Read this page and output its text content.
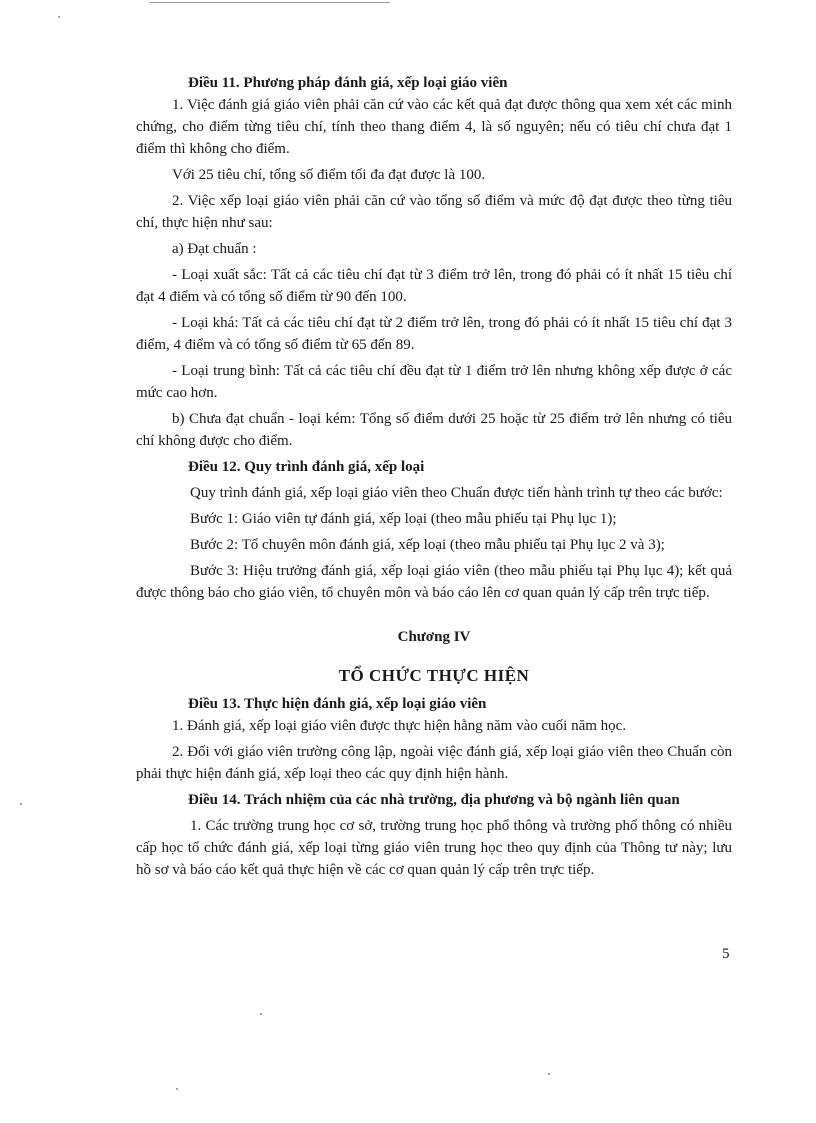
Điều 11. Phương pháp đánh giá, xếp loại giáo viên

1. Việc đánh giá giáo viên phải căn cứ vào các kết quả đạt được thông qua xem xét các minh chứng, cho điểm từng tiêu chí, tính theo thang điểm 4, là số nguyên; nếu có tiêu chí chưa đạt 1 điểm thì không cho điểm.

Với 25 tiêu chí, tổng số điểm tối đa đạt được là 100.

2. Việc xếp loại giáo viên phải căn cứ vào tổng số điểm và mức độ đạt được theo từng tiêu chí, thực hiện như sau:

a) Đạt chuẩn :

- Loại xuất sắc: Tất cả các tiêu chí đạt từ 3 điểm trở lên, trong đó phải có ít nhất 15 tiêu chí đạt 4 điểm và có tổng số điểm từ 90 đến 100.

- Loại khá: Tất cả các tiêu chí đạt từ 2 điểm trở lên, trong đó phải có ít nhất 15 tiêu chí đạt 3 điểm, 4 điểm và có tổng số điểm từ 65 đến 89.

- Loại trung bình: Tất cả các tiêu chí đều đạt từ 1 điểm trở lên nhưng không xếp được ở các mức cao hơn.

b) Chưa đạt chuẩn - loại kém: Tổng số điểm dưới 25 hoặc từ 25 điểm trở lên nhưng có tiêu chí không được cho điểm.

Điều 12. Quy trình đánh giá, xếp loại

Quy trình đánh giá, xếp loại giáo viên theo Chuẩn được tiến hành trình tự theo các bước:

Bước 1: Giáo viên tự đánh giá, xếp loại (theo mẫu phiếu tại Phụ lục 1);

Bước 2: Tổ chuyên môn đánh giá, xếp loại (theo mẫu phiếu tại Phụ lục 2 và 3);

Bước 3: Hiệu trưởng đánh giá, xếp loại giáo viên (theo mẫu phiếu tại Phụ lục 4); kết quả được thông báo cho giáo viên, tổ chuyên môn và báo cáo lên cơ quan quản lý cấp trên trực tiếp.

Chương IV

TỔ CHỨC THỰC HIỆN

Điều 13. Thực hiện đánh giá, xếp loại giáo viên

1. Đánh giá, xếp loại giáo viên được thực hiện hằng năm vào cuối năm học.

2. Đối với giáo viên trường công lập, ngoài việc đánh giá, xếp loại giáo viên theo Chuẩn còn phải thực hiện đánh giá, xếp loại theo các quy định hiện hành.

Điều 14. Trách nhiệm của các nhà trường, địa phương và bộ ngành liên quan

1. Các trường trung học cơ sở, trường trung học phổ thông và trường phổ thông có nhiều cấp học tổ chức đánh giá, xếp loại từng giáo viên trung học theo quy định của Thông tư này; lưu hồ sơ và báo cáo kết quả thực hiện về các cơ quan quản lý cấp trên trực tiếp.

5
